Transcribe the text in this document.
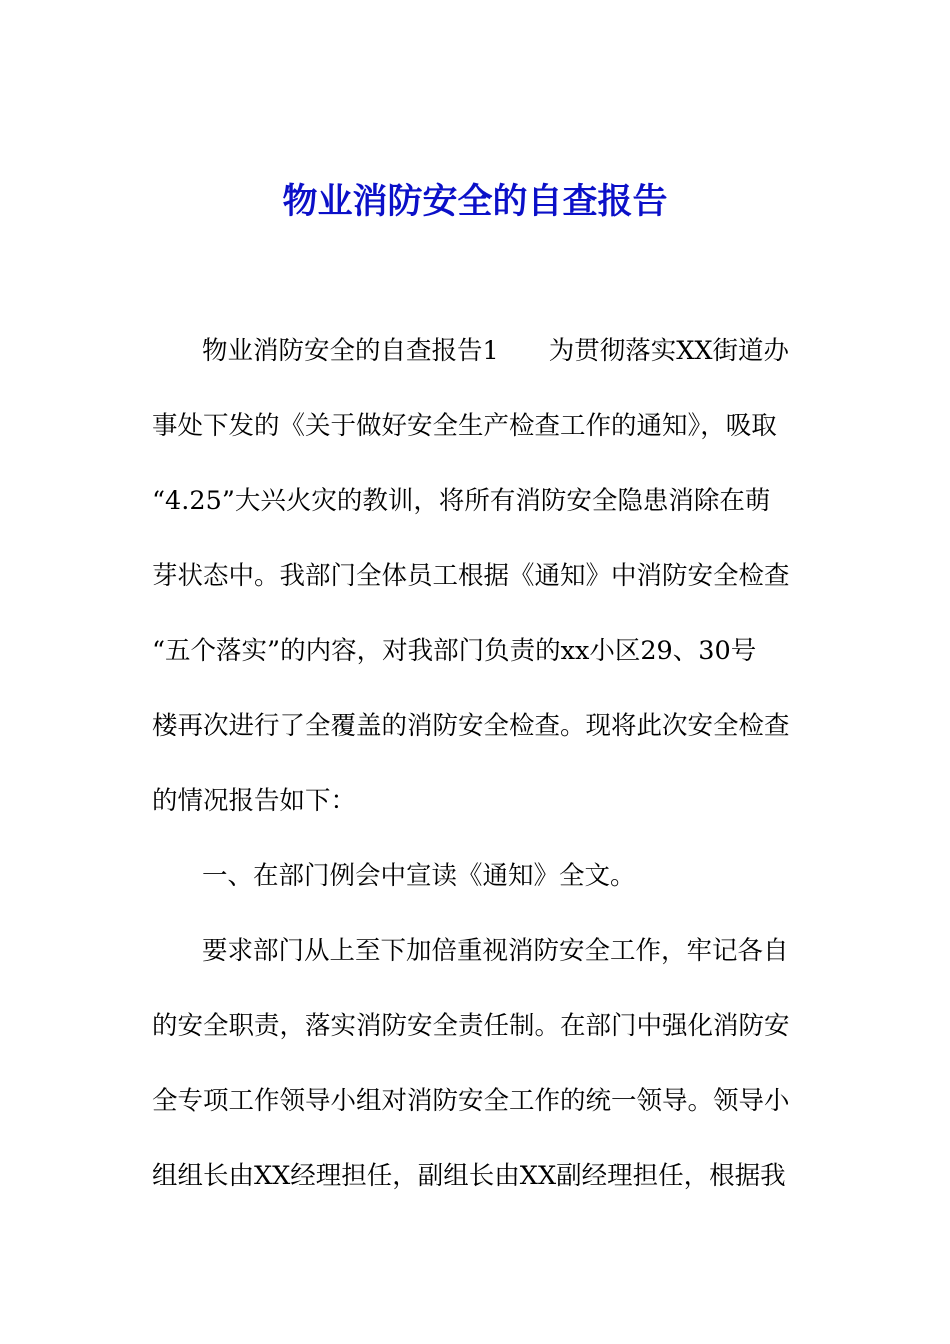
物业消防安全的自查报告

物业消防安全的自查报告1 为贯彻落实XX街道办

事处下发的《关于做好安全生产检查工作的通知》，吸取

“4.25”大兴火灾的教训，将所有消防安全隐患消除在萌

芽状态中。我部门全体员工根据《通知》中消防安全检查

“五个落实”的内容，对我部门负责的xx小区29、30号

楼再次进行了全覆盖的消防安全检查。现将此次安全检查

的情况报告如下：

一、在部门例会中宣读《通知》全文。

要求部门从上至下加倍重视消防安全工作，牢记各自

的安全职责，落实消防安全责任制。在部门中强化消防安

全专项工作领导小组对消防安全工作的统一领导。领导小

组组长由XX经理担任，副组长由XX副经理担任，根据我
